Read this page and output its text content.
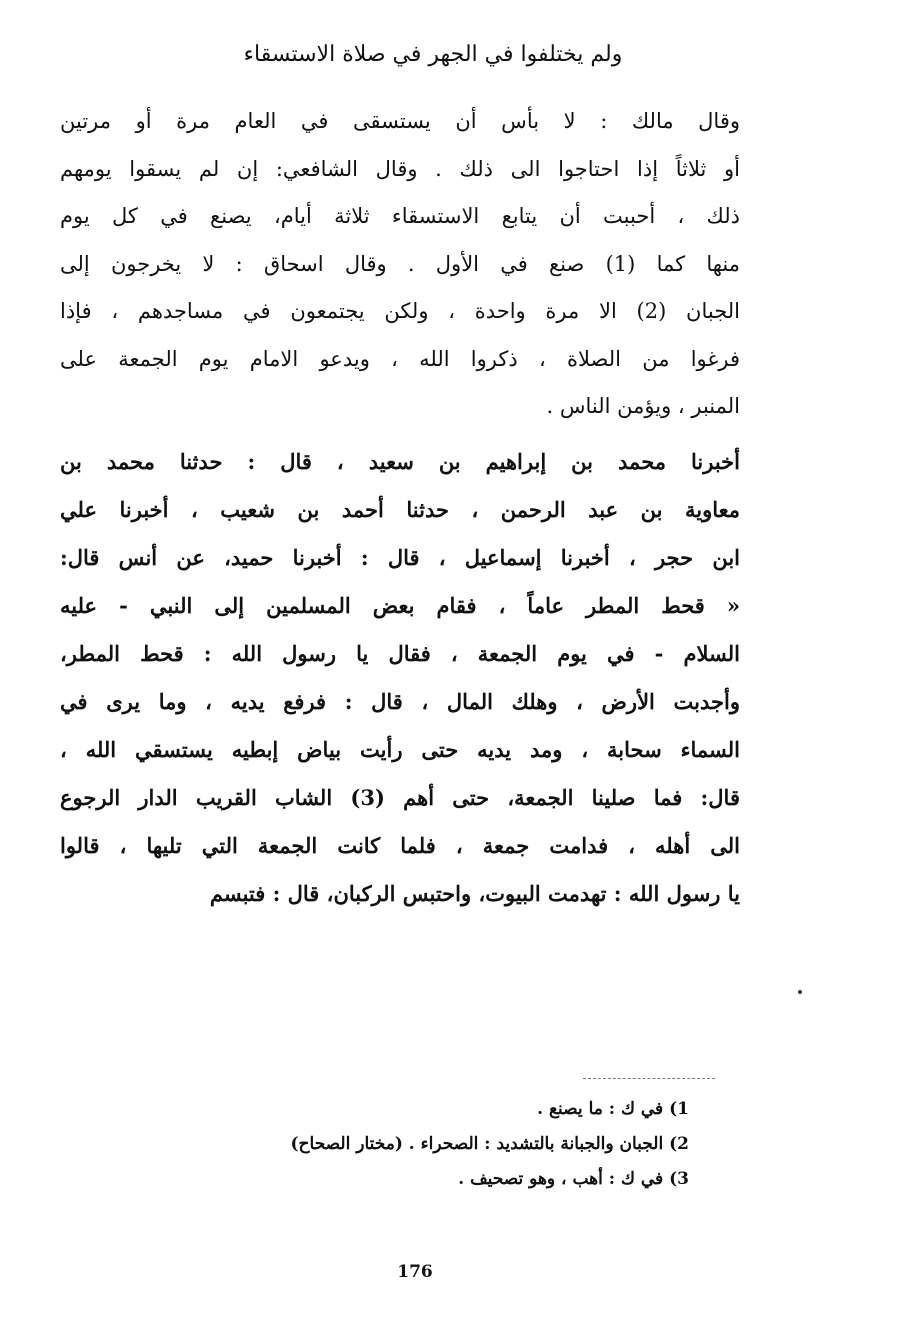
ولم يختلفوا في الجهر في صلاة الاستسقاء
وقال مالك : لا بأس أن يستسقى في العام مرة أو مرتين
أو ثلاثاً إذا احتاجوا الى ذلك . وقال الشافعي: إن لم يسقوا يومهم
ذلك ، أحببت أن يتابع الاستسقاء ثلاثة أيام، يصنع في كل يوم
منها كما (1) صنع في الأول . وقال اسحاق : لا يخرجون إلى
الجبان (2) الا مرة واحدة ، ولكن يجتمعون في مساجدهم ، فإذا
فرغوا من الصلاة ، ذكروا الله ، ويدعو الامام يوم الجمعة على
المنبر ، ويؤمن الناس .
أخبرنا محمد بن إبراهيم بن سعيد ، قال : حدثنا محمد بن
معاوية بن عبد الرحمن ، حدثنا أحمد بن شعيب ، أخبرنا علي
ابن حجر ، أخبرنا إسماعيل ، قال : أخبرنا حميد، عن أنس قال:
« قحط المطر عاماً ، فقام بعض المسلمين إلى النبي - عليه
السلام - في يوم الجمعة ، فقال يا رسول الله : قحط المطر،
وأجدبت الأرض ، وهلك المال ، قال : فرفع يديه ، وما يرى في
السماء سحابة ، ومد يديه حتى رأيت بياض إبطيه يستسقي الله ،
قال: فما صلينا الجمعة، حتى أهم (3) الشاب القريب الدار الرجوع
الى أهله ، فدامت جمعة ، فلما كانت الجمعة التي تليها ، قالوا
يا رسول الله : تهدمت البيوت، واحتبس الركبان، قال : فتبسم
1) في ك : ما يصنع .
2) الجبان والجبانة بالتشديد : الصحراء . (مختار الصحاح)
3) في ك : أهب ، وهو تصحيف .
176
